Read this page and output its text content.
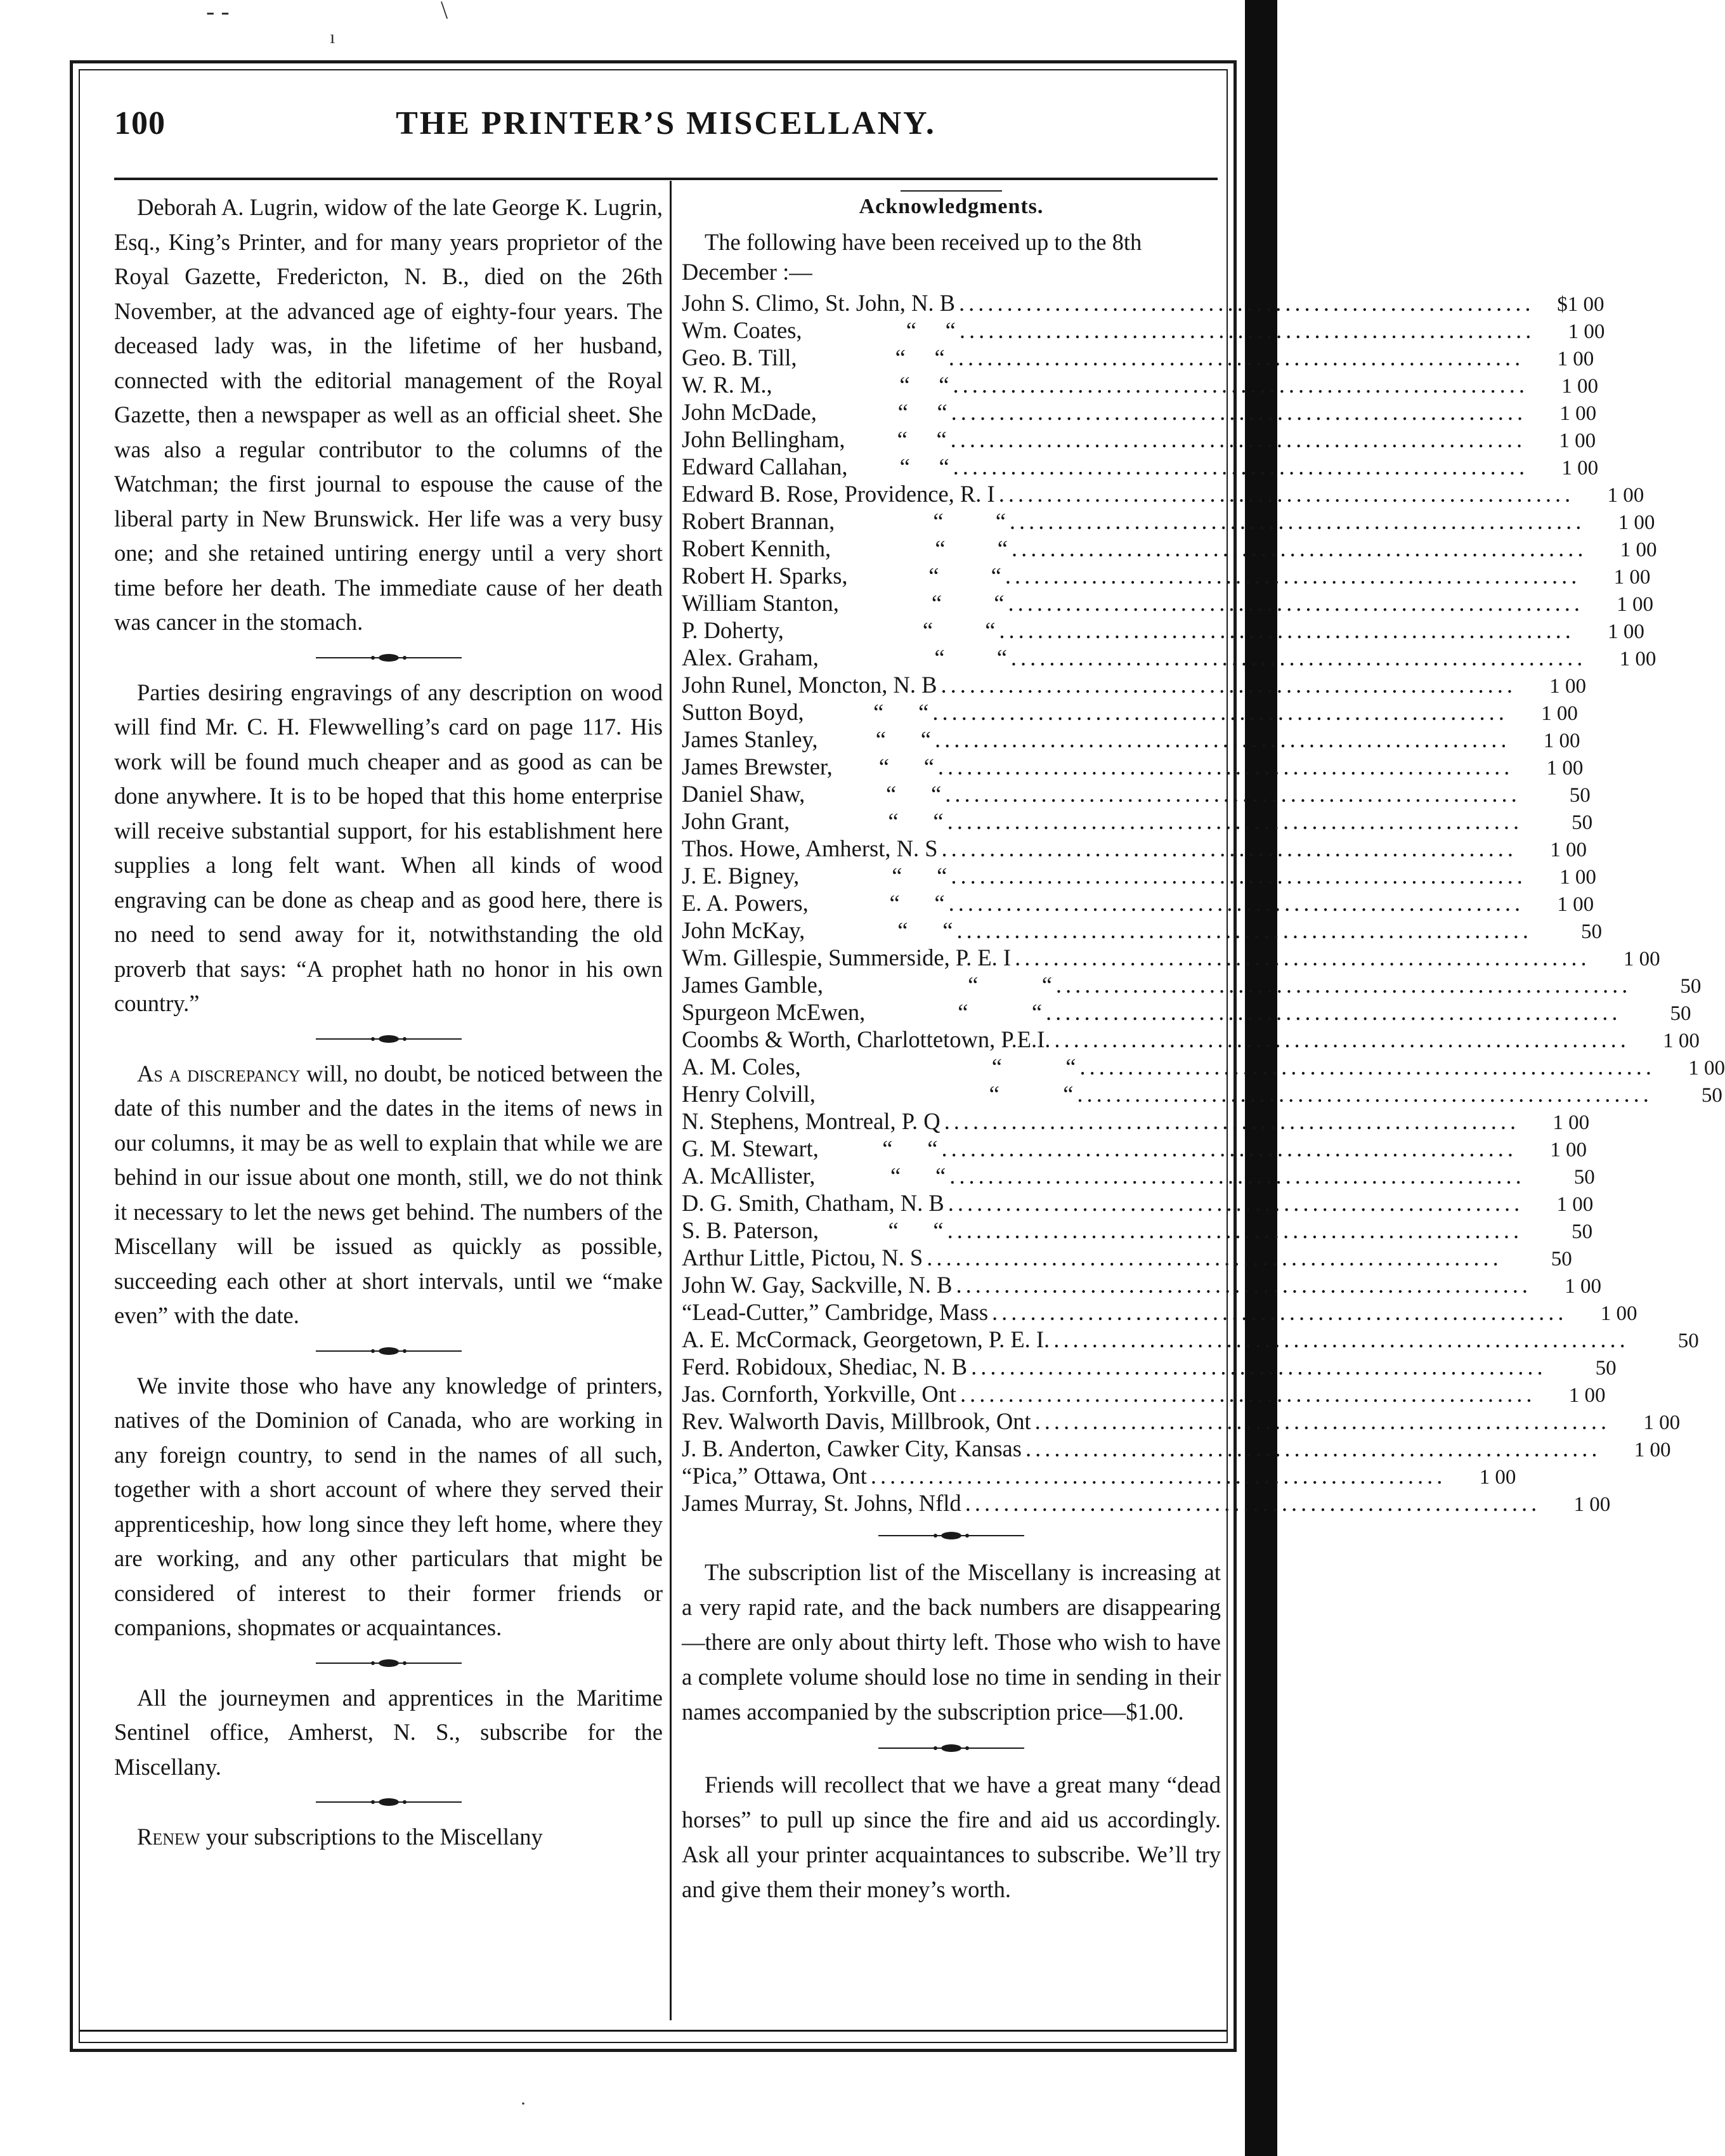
- -	\
ı
·
THE PRINTER’S MISCELLANY.
100

Deborah A. Lugrin, widow of the late George K. Lugrin, Esq., King’s Printer, and for many years proprietor of the Royal Gazette, Fredericton, N. B., died on the 26th November, at the advanced age of eighty-four years. The deceased lady was, in the lifetime of her husband, connected with the editorial management of the Royal Gazette, then a newspaper as well as an official sheet. She was also a regular contributor to the columns of the Watchman; the first journal to espouse the cause of the liberal party in New Brunswick. Her life was a very busy one; and she retained untiring energy until a very short time before her death. The immediate cause of her death was cancer in the stomach.

Parties desiring engravings of any description on wood will find Mr. C. H. Flewwelling’s card on page 117. His work will be found much cheaper and as good as can be done anywhere. It is to be hoped that this home enterprise will receive substantial support, for his establishment here supplies a long felt want. When all kinds of wood engraving can be done as cheap and as good here, there is no need to send away for it, notwithstanding the old proverb that says: “A prophet hath no honor in his own country.”

As a discrepancy will, no doubt, be noticed between the date of this number and the dates in the items of news in our columns, it may be as well to explain that while we are behind in our issue about one month, still, we do not think it necessary to let the news get behind. The numbers of the Miscellany will be issued as quickly as possible, succeeding each other at short intervals, until we “make even” with the date.

We invite those who have any knowledge of printers, natives of the Dominion of Canada, who are working in any foreign country, to send in the names of all such, together with a short account of where they served their apprenticeship, how long since they left home, where they are working, and any other particulars that might be considered of interest to their former friends or companions, shopmates or acquaintances.

All the journeymen and apprentices in the Maritime Sentinel office, Amherst, N. S., subscribe for the Miscellany.

Renew your subscriptions to the Miscellany

Acknowledgments.

The following have been received up to the 8th December :—

John S. Climo, St. John, N. B ............................................................	$1 00
Wm. Coates,                  “     “ ............................................................	1 00
Geo. B. Till,                 “     “ ............................................................	1 00
W. R. M.,                      “     “ ............................................................	1 00
John McDade,              “     “ ............................................................	1 00
John Bellingham,         “     “ ............................................................	1 00
Edward Callahan,         “     “ ............................................................	1 00
Edward B. Rose, Providence, R. I ............................................................	1 00
Robert Brannan,                 “         “ ............................................................	1 00
Robert Kennith,                  “         “ ............................................................	1 00
Robert H. Sparks,              “         “ ............................................................	1 00
William Stanton,                “         “ ............................................................	1 00
P. Doherty,                        “         “ ............................................................	1 00
Alex. Graham,                    “         “ ............................................................	1 00
John Runel, Moncton, N. B ............................................................	1 00
Sutton Boyd,            “      “ ............................................................	1 00
James Stanley,          “      “ ............................................................	1 00
James Brewster,        “      “ ............................................................	1 00
Daniel Shaw,              “      “ ............................................................	50
John Grant,                 “      “ ............................................................	50
Thos. Howe, Amherst, N. S ............................................................	1 00
J. E. Bigney,                “      “ ............................................................	1 00
E. A. Powers,              “      “ ............................................................	1 00
John McKay,                “      “ ............................................................	50
Wm. Gillespie, Summerside, P. E. I ............................................................	1 00
James Gamble,                         “           “ ............................................................	50
Spurgeon McEwen,                “           “ ............................................................	50
Coombs & Worth, Charlottetown, P.E.I. ............................................................	1 00
A. M. Coles,                                 “           “ ............................................................	1 00
Henry Colvill,                              “           “ ............................................................	50
N. Stephens, Montreal, P. Q ............................................................	1 00
G. M. Stewart,           “      “ ............................................................	1 00
A. McAllister,             “      “ ............................................................	50
D. G. Smith, Chatham, N. B ............................................................	1 00
S. B. Paterson,            “      “ ............................................................	50
Arthur Little, Pictou, N. S ............................................................	50
John W. Gay, Sackville, N. B ............................................................	1 00
“Lead-Cutter,” Cambridge, Mass ............................................................	1 00
A. E. McCormack, Georgetown, P. E. I. ............................................................	50
Ferd. Robidoux, Shediac, N. B ............................................................	50
Jas. Cornforth, Yorkville, Ont ............................................................	1 00
Rev. Walworth Davis, Millbrook, Ont ............................................................	1 00
J. B. Anderton, Cawker City, Kansas ............................................................	1 00
“Pica,” Ottawa, Ont ............................................................	1 00
James Murray, St. Johns, Nfld ............................................................	1 00

The subscription list of the Miscellany is increasing at a very rapid rate, and the back numbers are disappearing—there are only about thirty left. Those who wish to have a complete volume should lose no time in sending in their names accompanied by the subscription price—$1.00.

Friends will recollect that we have a great many “dead horses” to pull up since the fire and aid us accordingly. Ask all your printer acquaintances to subscribe. We’ll try and give them their money’s worth.
